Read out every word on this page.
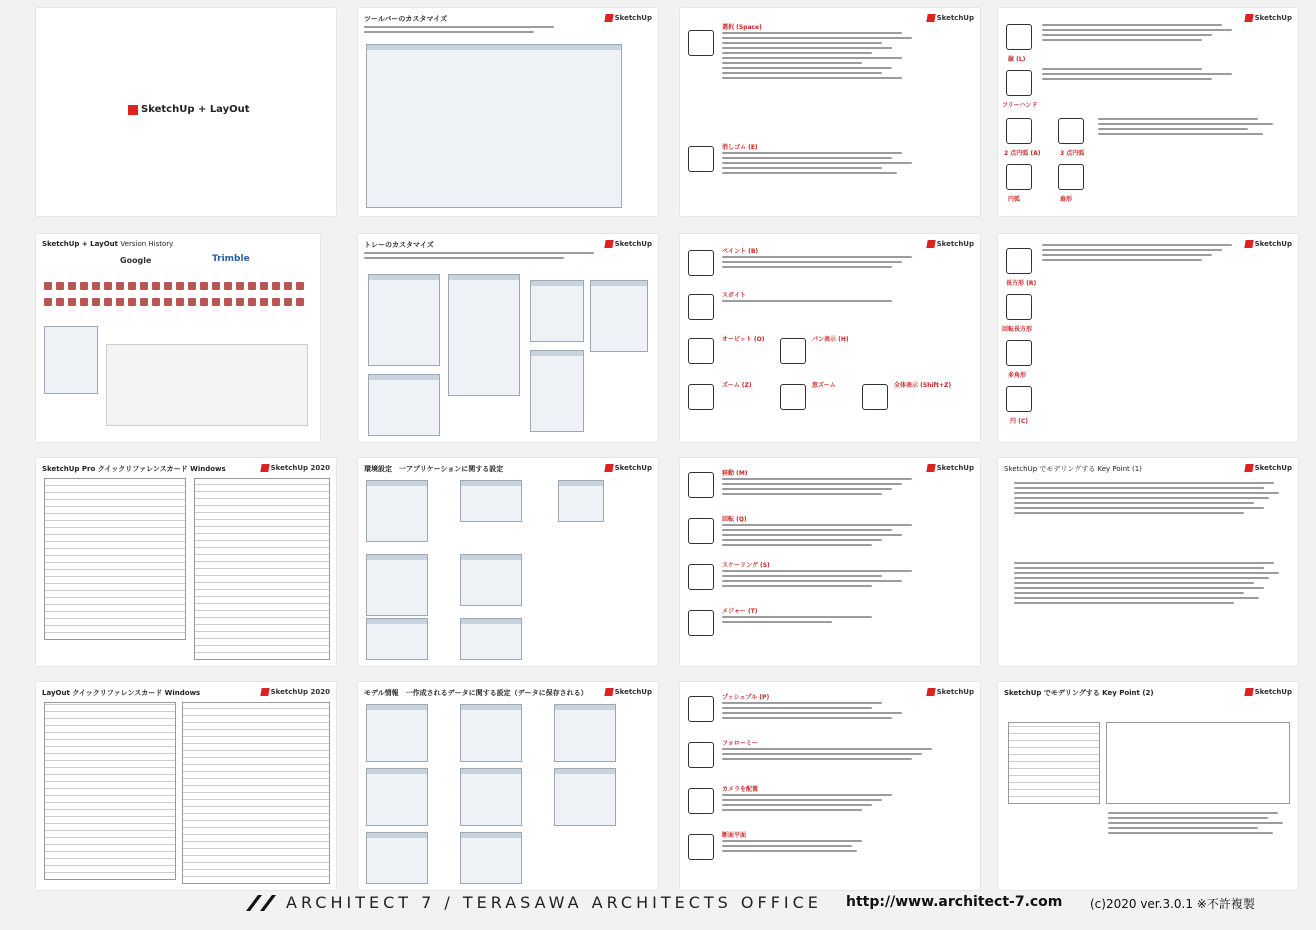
SketchUp + LayOut
ツールバーのカスタマイズ	SketchUp	SketchUp
選択 (Space)
消しゴム (E)
SketchUp
線 (L)
フリーハンド
2 点円弧 (A)	3 点円弧
円弧	扇形
SketchUp + LayOut Version History
Google	Trimble
トレーのカスタマイズ	SketchUp	SketchUp
ペイント (B)
スポイト
オービット (O)	パン表示 (H)
ズーム (Z)	窓ズーム	全体表示 (Shift+Z)
SketchUp
長方形 (R)
回転長方形
多角形
円 (C)
SketchUp Pro クイックリファレンスカード Windows	SketchUp 2020	環境設定　一アプリケーションに関する設定	SketchUp	SketchUp
移動 (M)
回転 (Q)
スケーリング (S)
メジャー (T)
SketchUp でモデリングする Key Point (1)	SketchUp
LayOut クイックリファレンスカード Windows	SketchUp 2020	モデル情報　一作成されるデータに関する設定（データに保存される）	SketchUp	SketchUp
プッシュプル (P)
フォローミー
カメラを配置
断面平面
SketchUp でモデリングする Key Point (2)	SketchUp
ARCHITECT 7 / TERASAWA ARCHITECTS OFFICE http://www.architect-7.com (c)2020 ver.3.0.1 ※不許複製
